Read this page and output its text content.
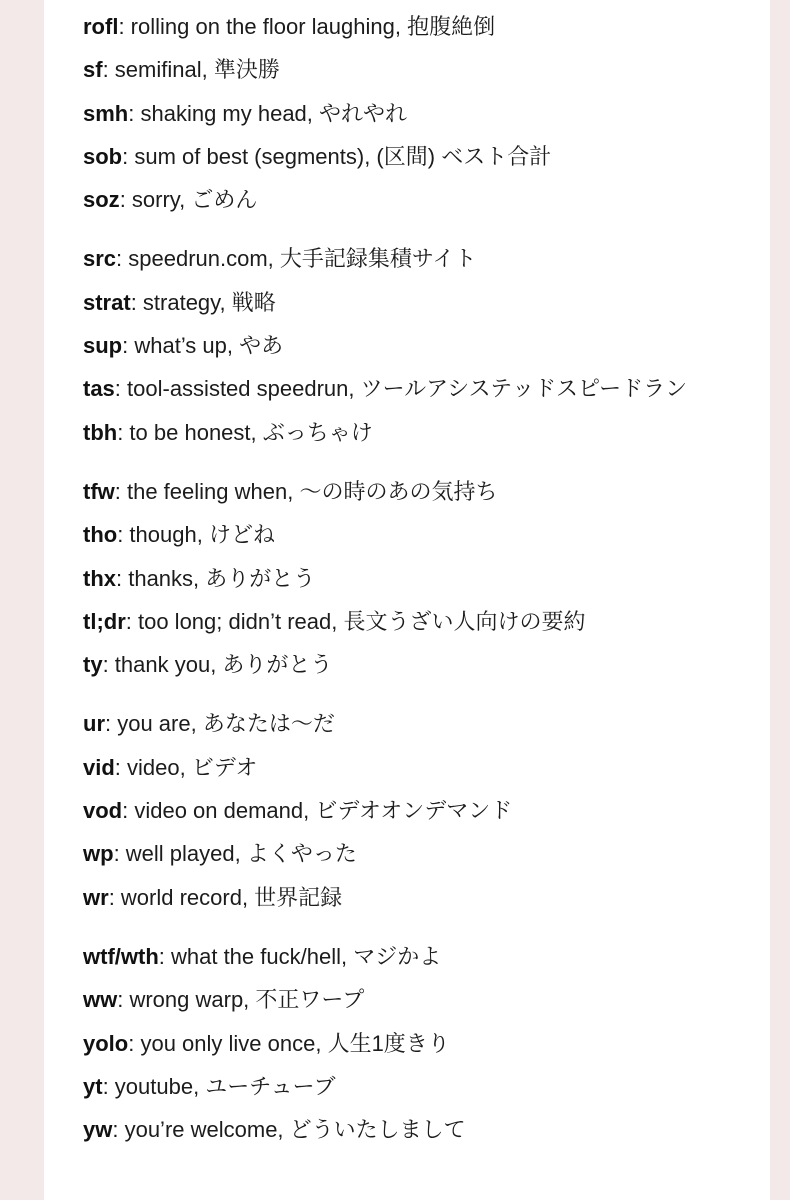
rofl: rolling on the floor laughing, 抱腹絶倒
sf: semifinal, 準決勝
smh: shaking my head, やれやれ
sob: sum of best (segments), (区間) ベスト合計
soz: sorry, ごめん
src: speedrun.com, 大手記録集積サイト
strat: strategy, 戦略
sup: what’s up, やあ
tas: tool-assisted speedrun, ツールアシステッドスピードラン
tbh: to be honest, ぶっちゃけ
tfw: the feeling when, 〜の時のあの気持ち
tho: though, けどね
thx: thanks, ありがとう
tl;dr: too long; didn’t read, 長文うざい人向けの要約
ty: thank you, ありがとう
ur: you are, あなたは〜だ
vid: video, ビデオ
vod: video on demand, ビデオオンデマンド
wp: well played, よくやった
wr: world record, 世界記録
wtf/wth: what the fuck/hell, マジかよ
ww: wrong warp, 不正ワープ
yolo: you only live once, 人生1度きり
yt: youtube, ユーチューブ
yw: you’re welcome, どういたしまして
